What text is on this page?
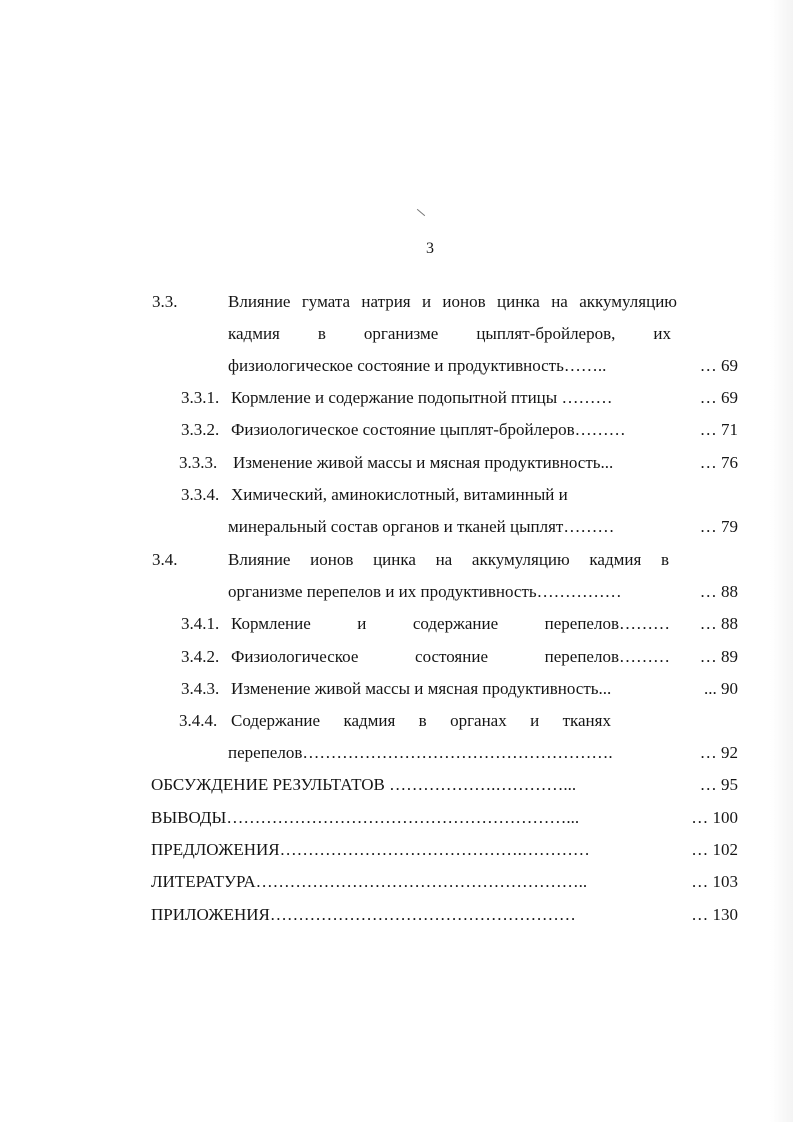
3
3.3.	Влияние гумата натрия и ионов цинка на аккумуляцию
кадмия в организме цыплят-бройлеров, их
физиологическое состояние и продуктивность……..	… 69
3.3.1. Кормление и содержание подопытной птицы ………	… 69
3.3.2. Физиологическое состояние цыплят-бройлеров………	… 71
3.3.3. Изменение живой массы и мясная продуктивность...	… 76
3.3.4. Химический, аминокислотный, витаминный и
минеральный состав органов и тканей цыплят………	… 79
3.4.	Влияние ионов цинка на аккумуляцию кадмия в
организме перепелов и их продуктивность……………	… 88
3.4.1. Кормление	и	содержание	перепелов………	… 88
3.4.2. Физиологическое	состояние	перепелов………	… 89
3.4.3. Изменение живой массы и мясная продуктивность...	... 90
3.4.4. Содержание кадмия в органах и тканях
перепелов……………………………………………….	… 92
ОБСУЖДЕНИЕ РЕЗУЛЬТАТОВ ……………….…………...	… 95
ВЫВОДЫ……………………………………………………...	… 100
ПРЕДЛОЖЕНИЯ…………………………………….…………	… 102
ЛИТЕРАТУРА…………………………………………………..	… 103
ПРИЛОЖЕНИЯ………………………………………………	… 130
